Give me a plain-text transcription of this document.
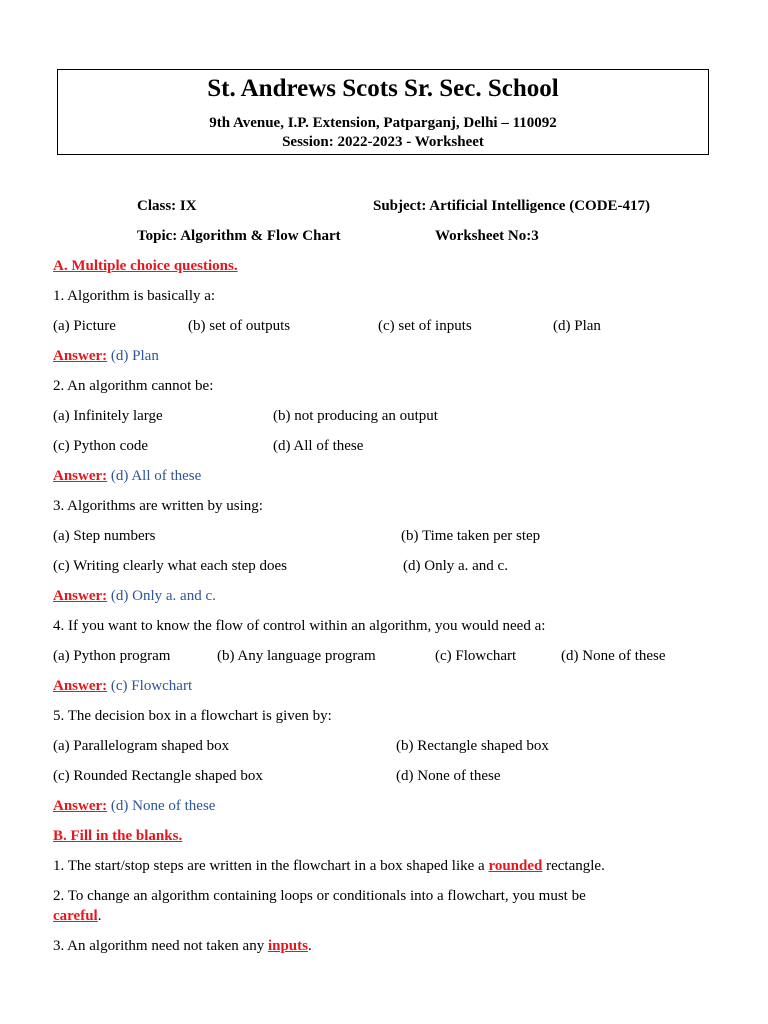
St. Andrews Scots Sr. Sec. School
9th Avenue, I.P. Extension, Patparganj, Delhi – 110092
Session: 2022-2023 - Worksheet
Class: IX	Subject: Artificial Intelligence (CODE-417)
Topic: Algorithm & Flow Chart	Worksheet No:3
A. Multiple choice questions.
1. Algorithm is basically a:
(a) Picture	(b) set of outputs	(c) set of inputs	(d) Plan
Answer: (d) Plan
2. An algorithm cannot be:
(a) Infinitely large	(b) not producing an output
(c) Python code	(d) All of these
Answer: (d) All of these
3. Algorithms are written by using:
(a) Step numbers	(b) Time taken per step
(c) Writing clearly what each step does	(d) Only a. and c.
Answer: (d) Only a. and c.
4. If you want to know the flow of control within an algorithm, you would need a:
(a) Python program	(b) Any language program	(c) Flowchart	(d) None of these
Answer: (c) Flowchart
5. The decision box in a flowchart is given by:
(a) Parallelogram shaped box	(b) Rectangle shaped box
(c) Rounded Rectangle shaped box	(d) None of these
Answer: (d) None of these
B. Fill in the blanks.
1. The start/stop steps are written in the flowchart in a box shaped like a rounded rectangle.
2. To change an algorithm containing loops or conditionals into a flowchart, you must be
careful.
3. An algorithm need not taken any inputs.
